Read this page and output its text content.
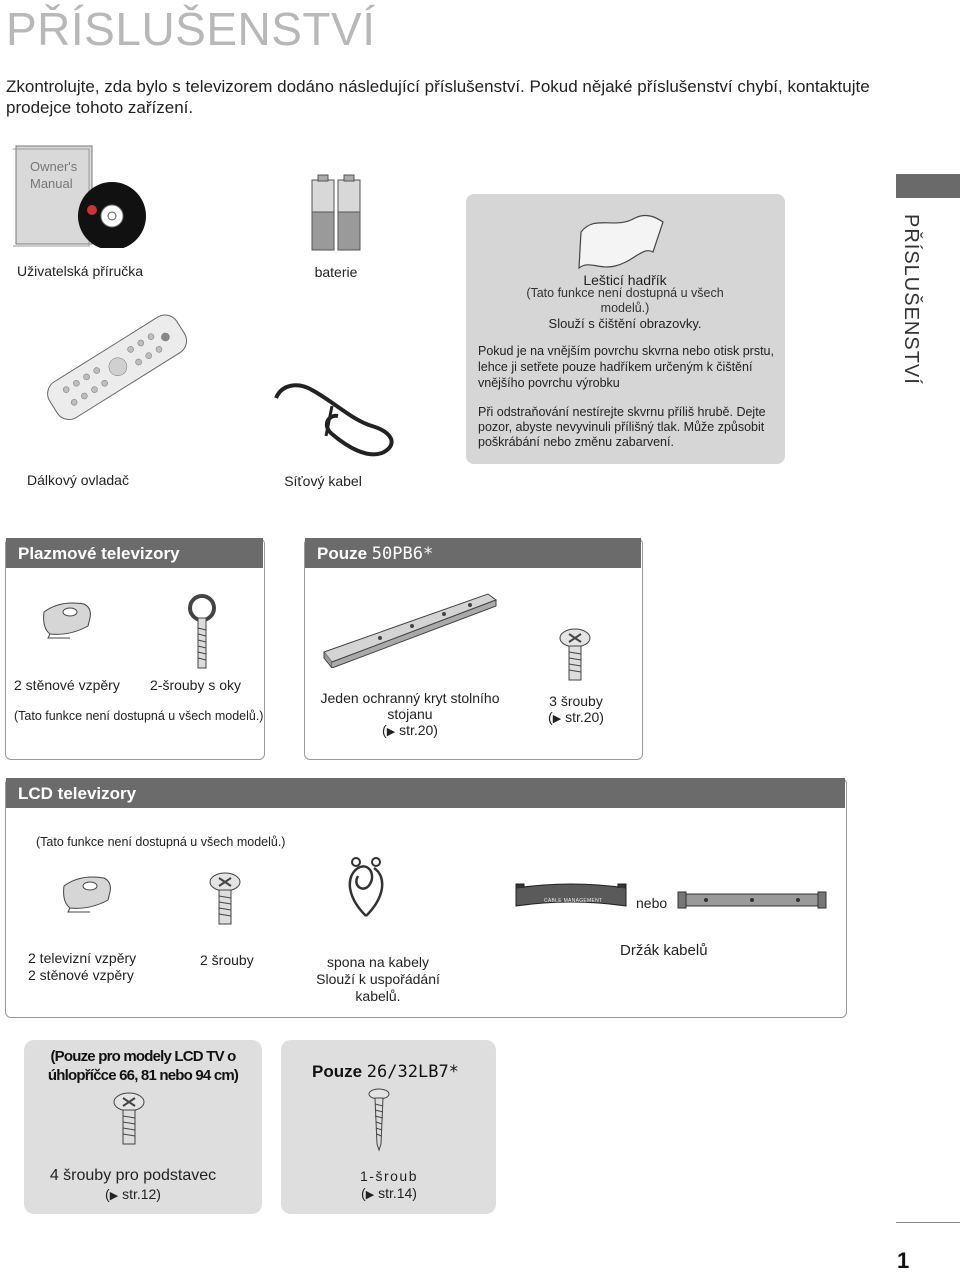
PŘÍSLUŠENSTVÍ
Zkontrolujte, zda bylo s televizorem dodáno následující příslušenství. Pokud nějaké příslušenství chybí, kontaktujte prodejce tohoto zařízení.
PŘÍSLUŠENSTVÍ
Owner's
Manual
Uživatelská příručka	baterie	Lešticí hadřík
(Tato funkce není dostupná u všech modelů.)
Slouží s čištění obrazovky.
Pokud je na vnějším povrchu skvrna nebo otisk prstu, lehce ji setřete pouze hadříkem určeným k čištění vnějšího povrchu výrobku
Při odstraňování nestírejte skvrnu příliš hrubě. Dejte pozor, abyste nevyvinuli přílišný tlak. Může způsobit poškrábání nebo změnu zabarvení.
Dálkový ovladač	Síťový kabel
Plazmové televizory
2 stěnové vzpěry 2-šrouby s oky
(Tato funkce není dostupná u všech modelů.)
Pouze 50PB6*
Jeden ochranný kryt stolního
stojanu
(▶ str.20)
3 šrouby
(▶ str.20)
LCD televizory
(Tato funkce není dostupná u všech modelů.)
CABLE MANAGEMENT nebo
2 televizní vzpěry
2 stěnové vzpěry
2 šrouby	spona na kabely
Slouží k uspořádání
kabelů.
Držák kabelů
(Pouze pro modely LCD TV o
úhlopříčce 66, 81 nebo 94 cm)
4 šrouby pro podstavec
(▶ str.12)
Pouze 26/32LB7*
1-šroub
(▶ str.14)
1
